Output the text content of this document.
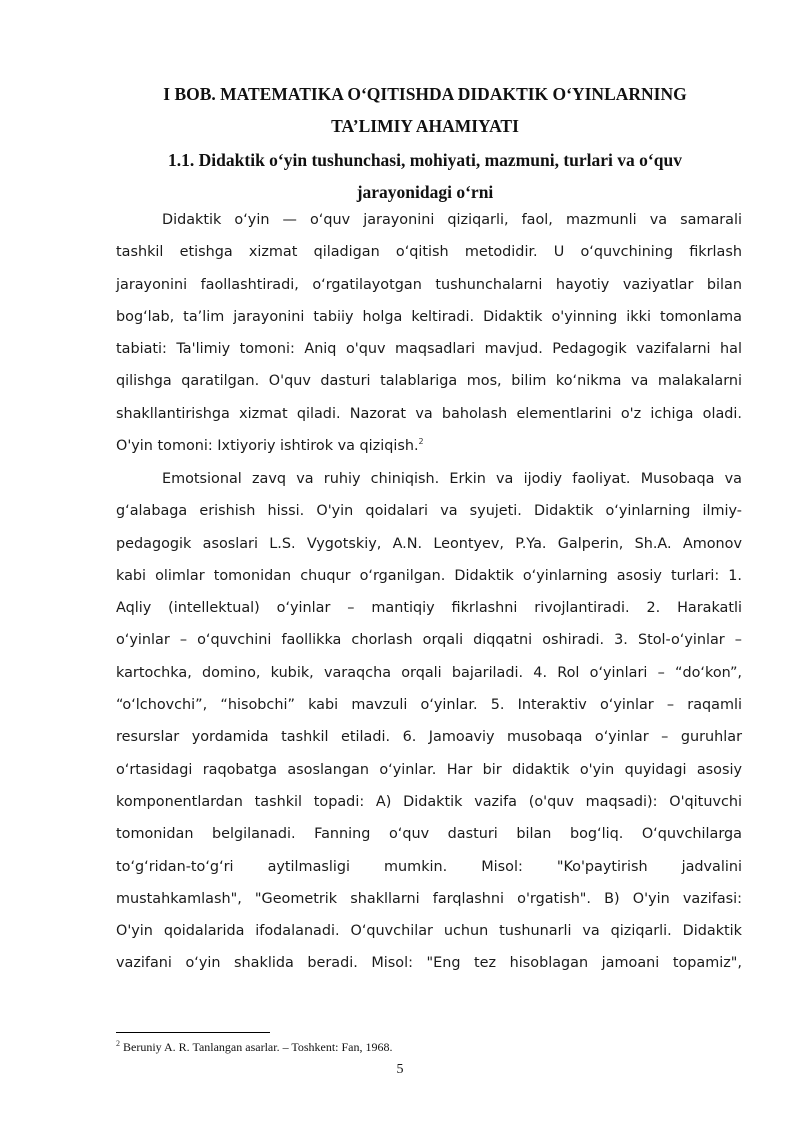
I BOB. MATEMATIKA O‘QITISHDA DIDAKTIK O‘YINLARNING
TA’LIMIY AHAMIYATI
1.1. Didaktik o‘yin tushunchasi, mohiyati, mazmuni, turlari va o‘quv
jarayonidagi o‘rni
Didaktik o‘yin — o‘quv jarayonini qiziqarli, faol, mazmunli va samarali
tashkil etishga xizmat qiladigan o‘qitish metodidir. U o‘quvchining fikrlash
jarayonini faollashtiradi, o‘rgatilayotgan tushunchalarni hayotiy vaziyatlar bilan
bog‘lab, ta’lim jarayonini tabiiy holga keltiradi. Didaktik o'yinning ikki tomonlama
tabiati: Ta'limiy tomoni: Aniq o'quv maqsadlari mavjud. Pedagogik vazifalarni hal
qilishga qaratilgan. O'quv dasturi talablariga mos, bilim ko‘nikma va malakalarni
shakllantirishga xizmat qiladi. Nazorat va baholash elementlarini o'z ichiga oladi.
O'yin tomoni: Ixtiyoriy ishtirok va qiziqish.$^2$
Emotsional zavq va ruhiy chiniqish. Erkin va ijodiy faoliyat. Musobaqa va
g‘alabaga erishish hissi. O'yin qoidalari va syujeti. Didaktik o‘yinlarning ilmiy-
pedagogik asoslari L.S. Vygotskiy, A.N. Leontyev, P.Ya. Galperin, Sh.A. Amonov
kabi olimlar tomonidan chuqur o‘rganilgan. Didaktik o‘yinlarning asosiy turlari: 1.
Aqliy (intellektual) o‘yinlar – mantiqiy fikrlashni rivojlantiradi. 2. Harakatli
o‘yinlar – o‘quvchini faollikka chorlash orqali diqqatni oshiradi. 3. Stol-o‘yinlar –
kartochka, domino, kubik, varaqcha orqali bajariladi. 4. Rol o‘yinlari – “do‘kon”,
“o‘lchovchi”, “hisobchi” kabi mavzuli o‘yinlar. 5. Interaktiv o‘yinlar – raqamli
resurslar yordamida tashkil etiladi. 6. Jamoaviy musobaqa o‘yinlar – guruhlar
o‘rtasidagi raqobatga asoslangan o‘yinlar. Har bir didaktik o'yin quyidagi asosiy
komponentlardan tashkil topadi: A) Didaktik vazifa (o'quv maqsadi): O'qituvchi
tomonidan belgilanadi. Fanning o‘quv dasturi bilan bog‘liq. O‘quvchilarga
to‘g‘ridan-to‘g‘ri aytilmasligi mumkin. Misol: "Ko'paytirish jadvalini
mustahkamlash", "Geometrik shakllarni farqlashni o'rgatish". B) O'yin vazifasi:
O'yin qoidalarida ifodalanadi. O‘quvchilar uchun tushunarli va qiziqarli. Didaktik
vazifani o‘yin shaklida beradi. Misol: "Eng tez hisoblagan jamoani topamiz",
$^2$ Beruniy A. R. Tanlangan asarlar. – Toshkent: Fan, 1968.
5
